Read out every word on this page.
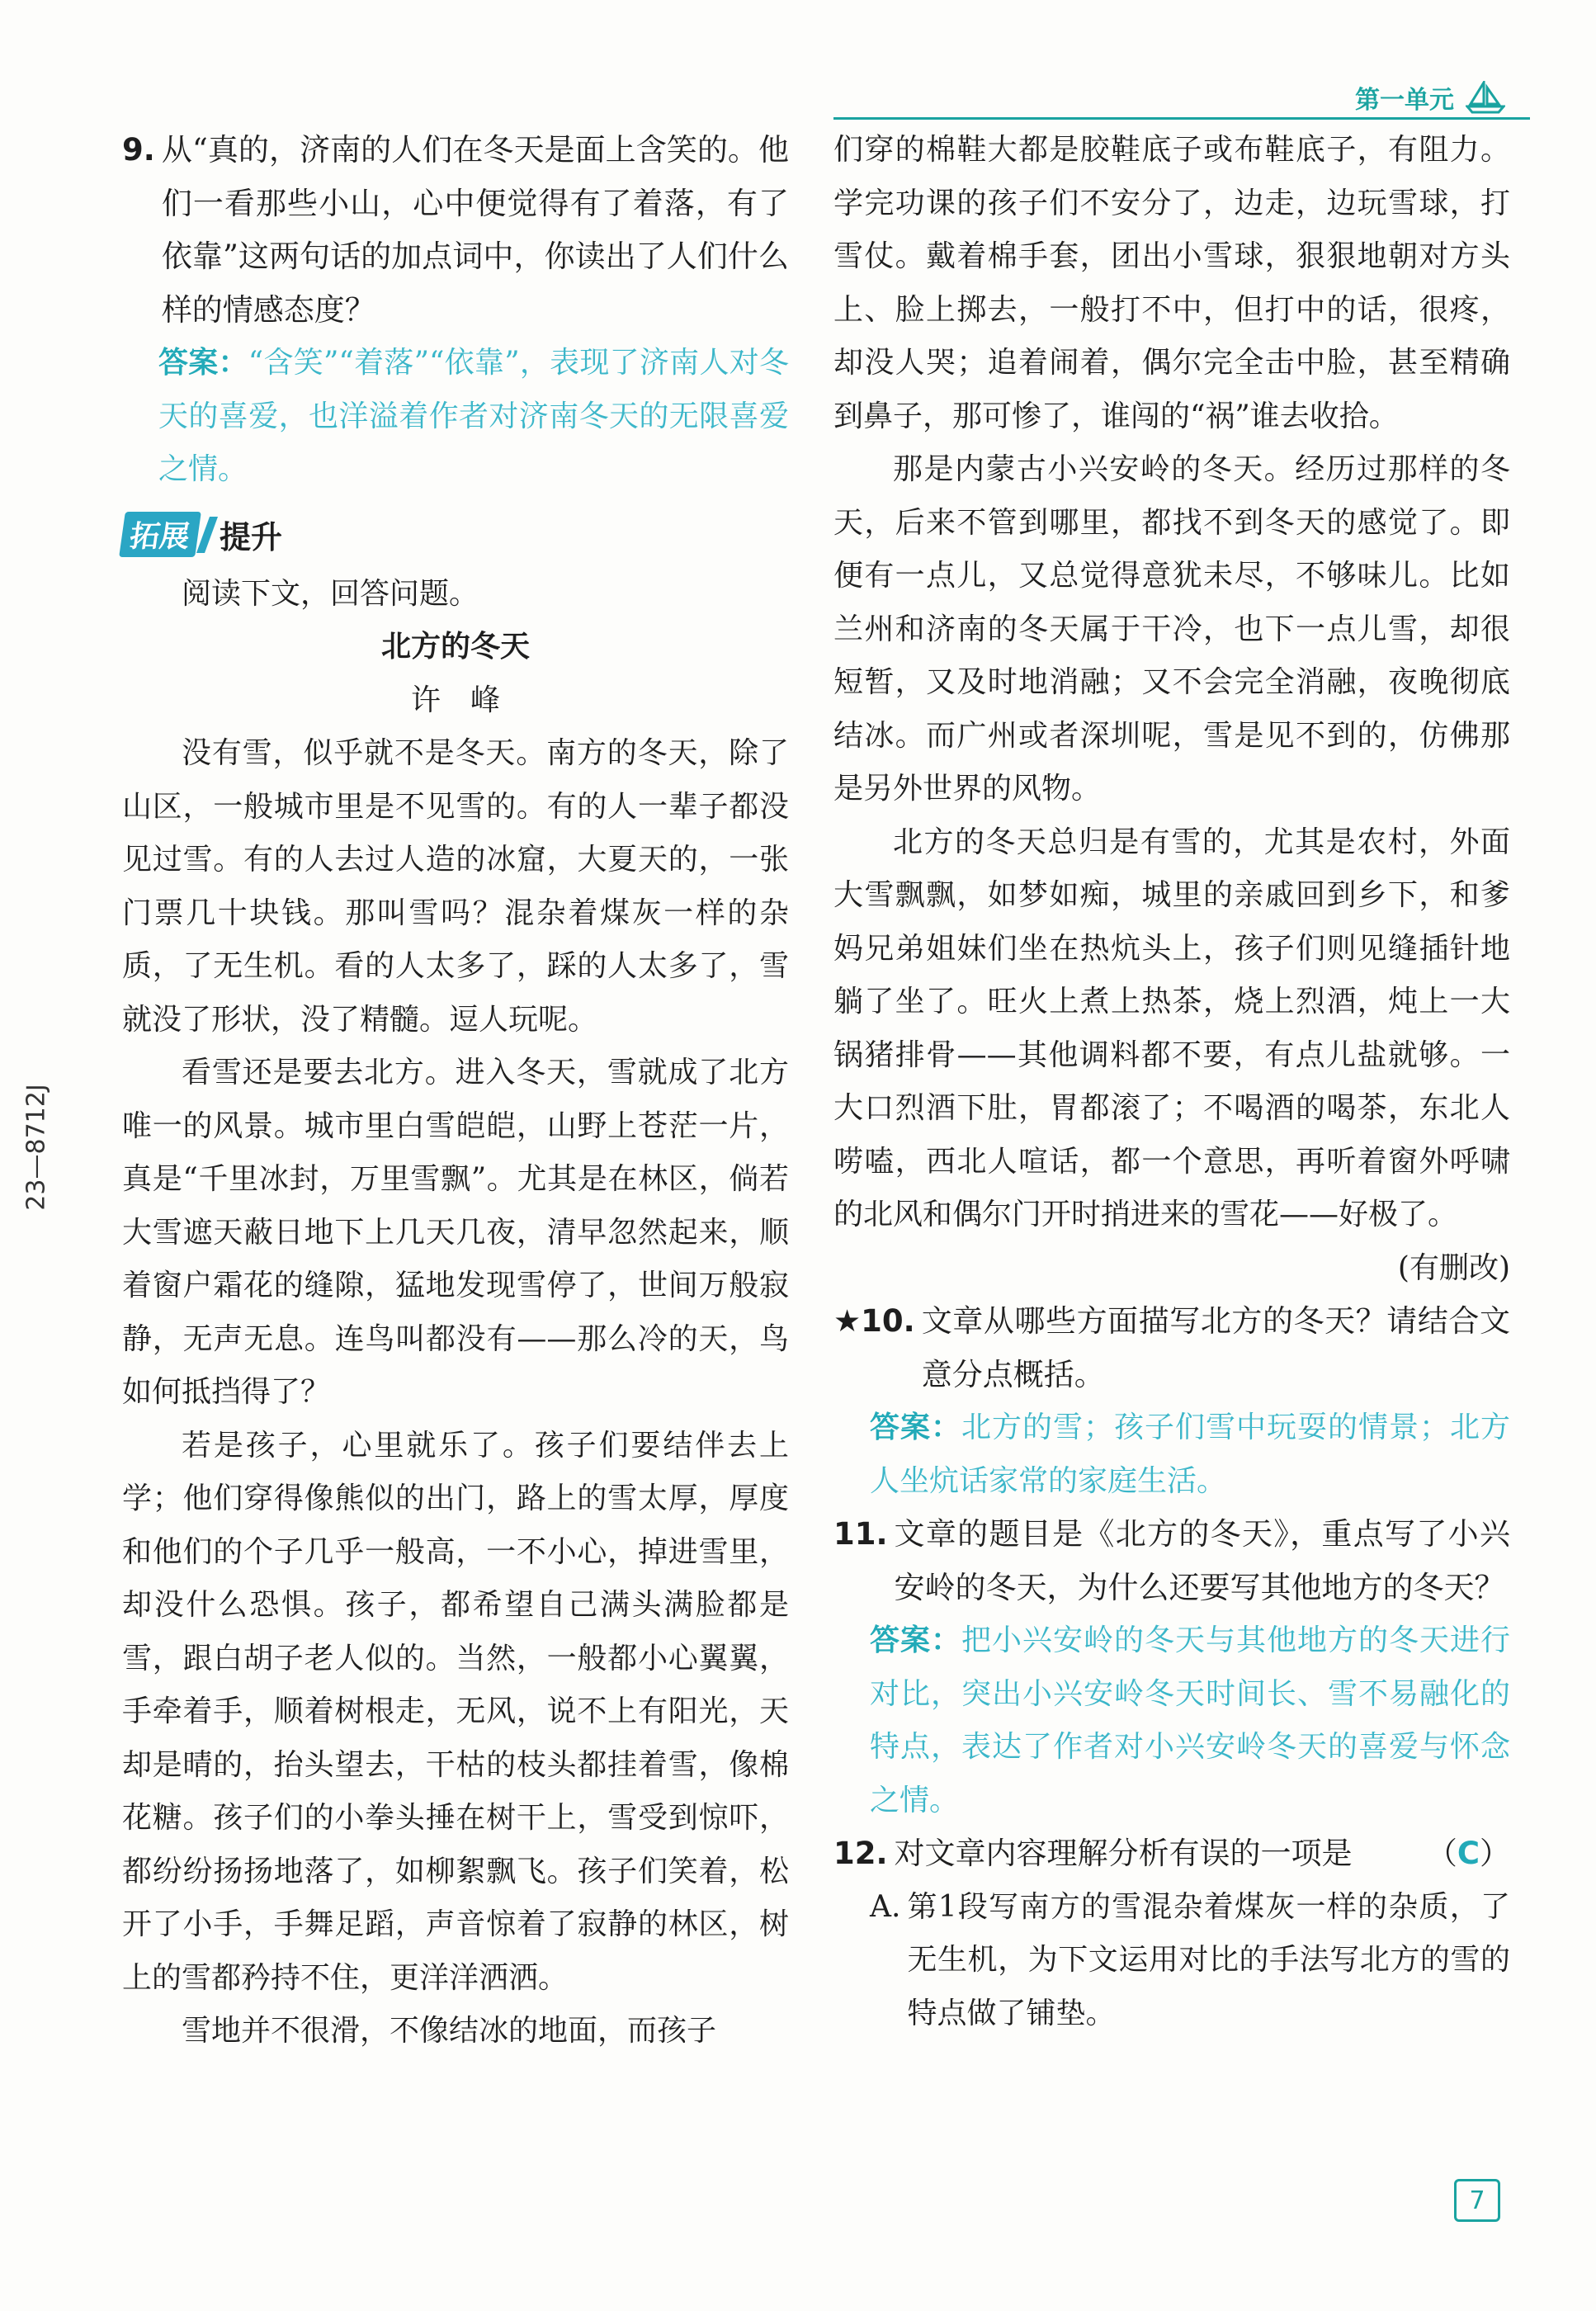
第一单元
23—8712J
9. 从“真的，济南的人们在冬天是面上含笑的。他们一看那些小山，心中便觉得有了着落，有了依靠”这两句话的加点词中，你读出了人们什么样的情感态度？

答案：“含笑”“着落”“依靠”，表现了济南人对冬天的喜爱，也洋溢着作者对济南冬天的无限喜爱之情。

拓展 提升

阅读下文，回答问题。

北方的冬天

许　峰

没有雪，似乎就不是冬天。南方的冬天，除了山区，一般城市里是不见雪的。有的人一辈子都没见过雪。有的人去过人造的冰窟，大夏天的，一张门票几十块钱。那叫雪吗？混杂着煤灰一样的杂质，了无生机。看的人太多了，踩的人太多了，雪就没了形状，没了精髓。逗人玩呢。

看雪还是要去北方。进入冬天，雪就成了北方唯一的风景。城市里白雪皑皑，山野上苍茫一片，真是“千里冰封，万里雪飘”。尤其是在林区，倘若大雪遮天蔽日地下上几天几夜，清早忽然起来，顺着窗户霜花的缝隙，猛地发现雪停了，世间万般寂静，无声无息。连鸟叫都没有——那么冷的天，鸟如何抵挡得了？

若是孩子，心里就乐了。孩子们要结伴去上学；他们穿得像熊似的出门，路上的雪太厚，厚度和他们的个子几乎一般高，一不小心，掉进雪里，却没什么恐惧。孩子，都希望自己满头满脸都是雪，跟白胡子老人似的。当然，一般都小心翼翼，手牵着手，顺着树根走，无风，说不上有阳光，天却是晴的，抬头望去，干枯的枝头都挂着雪，像棉花糖。孩子们的小拳头捶在树干上，雪受到惊吓，都纷纷扬扬地落了，如柳絮飘飞。孩子们笑着，松开了小手，手舞足蹈，声音惊着了寂静的林区，树上的雪都矜持不住，更洋洋洒洒。

雪地并不很滑，不像结冰的地面，而孩子

们穿的棉鞋大都是胶鞋底子或布鞋底子，有阻力。学完功课的孩子们不安分了，边走，边玩雪球，打雪仗。戴着棉手套，团出小雪球，狠狠地朝对方头上、脸上掷去，一般打不中，但打中的话，很疼，却没人哭；追着闹着，偶尔完全击中脸，甚至精确到鼻子，那可惨了，谁闯的“祸”谁去收拾。

那是内蒙古小兴安岭的冬天。经历过那样的冬天，后来不管到哪里，都找不到冬天的感觉了。即便有一点儿，又总觉得意犹未尽，不够味儿。比如兰州和济南的冬天属于干冷，也下一点儿雪，却很短暂，又及时地消融；又不会完全消融，夜晚彻底结冰。而广州或者深圳呢，雪是见不到的，仿佛那是另外世界的风物。

北方的冬天总归是有雪的，尤其是农村，外面大雪飘飘，如梦如痴，城里的亲戚回到乡下，和爹妈兄弟姐妹们坐在热炕头上，孩子们则见缝插针地躺了坐了。旺火上煮上热茶，烧上烈酒，炖上一大锅猪排骨——其他调料都不要，有点儿盐就够。一大口烈酒下肚，胃都滚了；不喝酒的喝茶，东北人唠嗑，西北人喧话，都一个意思，再听着窗外呼啸的北风和偶尔门开时捎进来的雪花——好极了。

(有删改)

★10. 文章从哪些方面描写北方的冬天？请结合文意分点概括。

答案：北方的雪；孩子们雪中玩耍的情景；北方人坐炕话家常的家庭生活。

11. 文章的题目是《北方的冬天》，重点写了小兴安岭的冬天，为什么还要写其他地方的冬天？

答案：把小兴安岭的冬天与其他地方的冬天进行对比，突出小兴安岭冬天时间长、雪不易融化的特点，表达了作者对小兴安岭冬天的喜爱与怀念之情。

12. 对文章内容理解分析有误的一项是 （C）
A. 第1段写南方的雪混杂着煤灰一样的杂质，了无生机，为下文运用对比的手法写北方的雪的特点做了铺垫。
7
